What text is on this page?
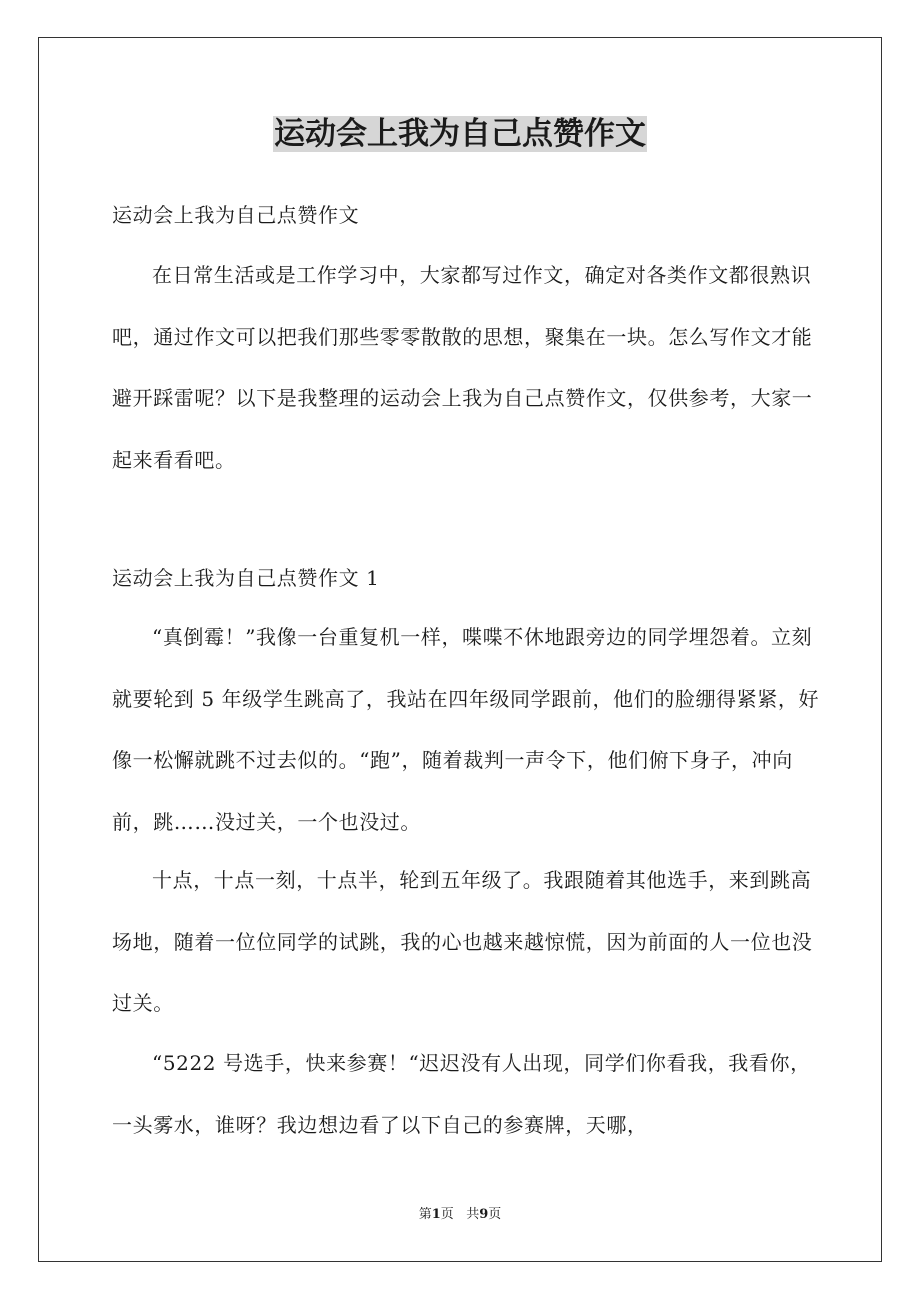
运动会上我为自己点赞作文

运动会上我为自己点赞作文

在日常生活或是工作学习中，大家都写过作文，确定对各类作文都很熟识吧，通过作文可以把我们那些零零散散的思想，聚集在一块。怎么写作文才能避开踩雷呢？以下是我整理的运动会上我为自己点赞作文，仅供参考，大家一起来看看吧。

运动会上我为自己点赞作文 1

“真倒霉！”我像一台重复机一样，喋喋不休地跟旁边的同学埋怨着。立刻就要轮到 5 年级学生跳高了，我站在四年级同学跟前，他们的脸绷得紧紧，好像一松懈就跳不过去似的。“跑”，随着裁判一声令下，他们俯下身子，冲向前，跳……没过关，一个也没过。

十点，十点一刻，十点半，轮到五年级了。我跟随着其他选手，来到跳高场地，随着一位位同学的试跳，我的心也越来越惊慌，因为前面的人一位也没过关。

“5222 号选手，快来参赛！“迟迟没有人出现，同学们你看我，我看你，一头雾水，谁呀？我边想边看了以下自己的参赛牌，天哪，

第1页 共9页
